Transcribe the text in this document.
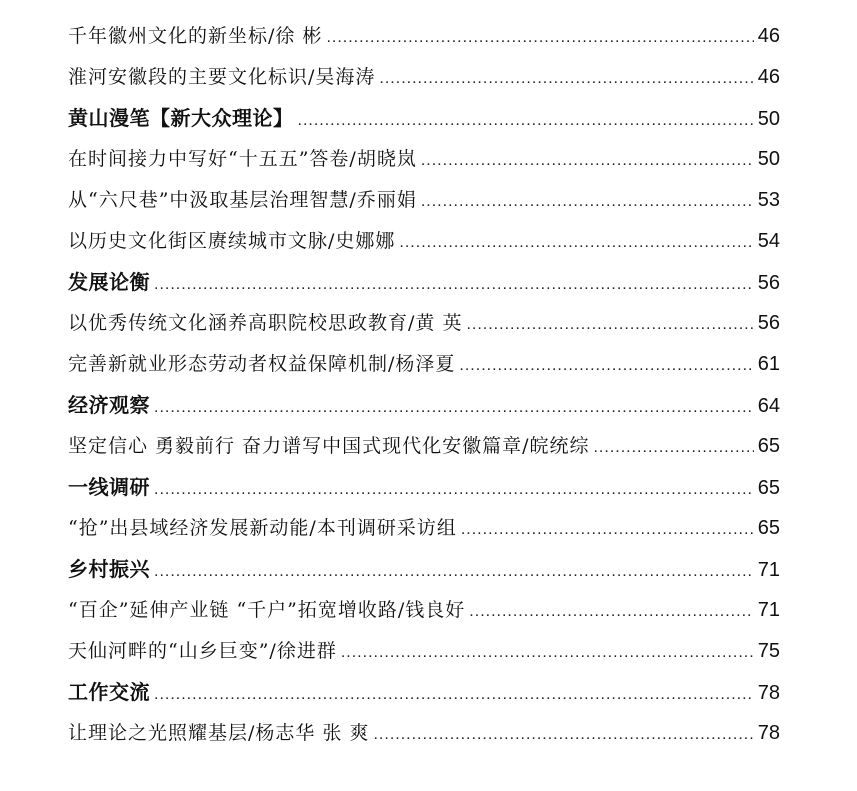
千年徽州文化的新坐标/徐 彬 .....	46
淮河安徽段的主要文化标识/吴海涛 .....	46
黄山漫笔【新大众理论】 .....	50
在时间接力中写好“十五五”答卷/胡晓岚 .....	50
从“六尺巷”中汲取基层治理智慧/乔丽娟 .....	53
以历史文化街区赓续城市文脉/史娜娜 .....	54
发展论衡 .....	56
以优秀传统文化涵养高职院校思政教育/黄 英 .....	56
完善新就业形态劳动者权益保障机制/杨泽夏 .....	61
经济观察 .....	64
坚定信心 勇毅前行 奋力谱写中国式现代化安徽篇章/皖统综 .....	65
一线调研 .....	65
“抢”出县域经济发展新动能/本刊调研采访组 .....	65
乡村振兴 .....	71
“百企”延伸产业链 “千户”拓宽增收路/钱良好 .....	71
天仙河畔的“山乡巨变”/徐进群 .....	75
工作交流 .....	78
让理论之光照耀基层/杨志华 张 爽 .....	78
